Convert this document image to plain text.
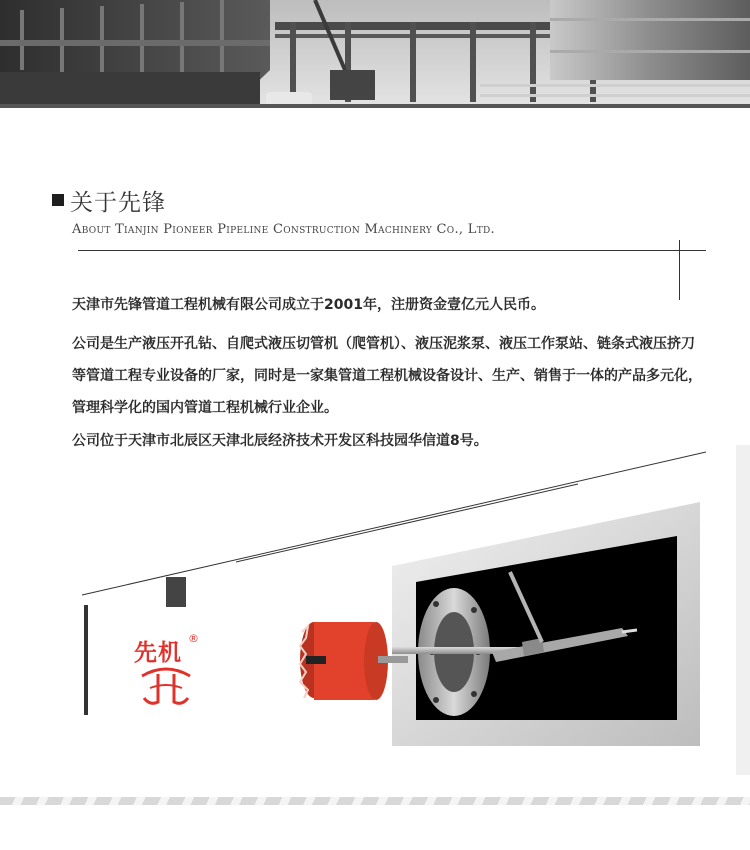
关于先锋
About Tianjin Pioneer Pipeline Construction Machinery Co., Ltd.

天津市先锋管道工程机械有限公司成立于2001年，注册资金壹亿元人民币。

公司是生产液压开孔钻、自爬式液压切管机（爬管机）、液压泥浆泵、液压工作泵站、链条式液压挤刀等管道工程专业设备的厂家，同时是一家集管道工程机械设备设计、生产、销售于一体的产品多元化，管理科学化的国内管道工程机械行业企业。

公司位于天津市北辰区天津北辰经济技术开发区科技园华信道8号。

先机
®
